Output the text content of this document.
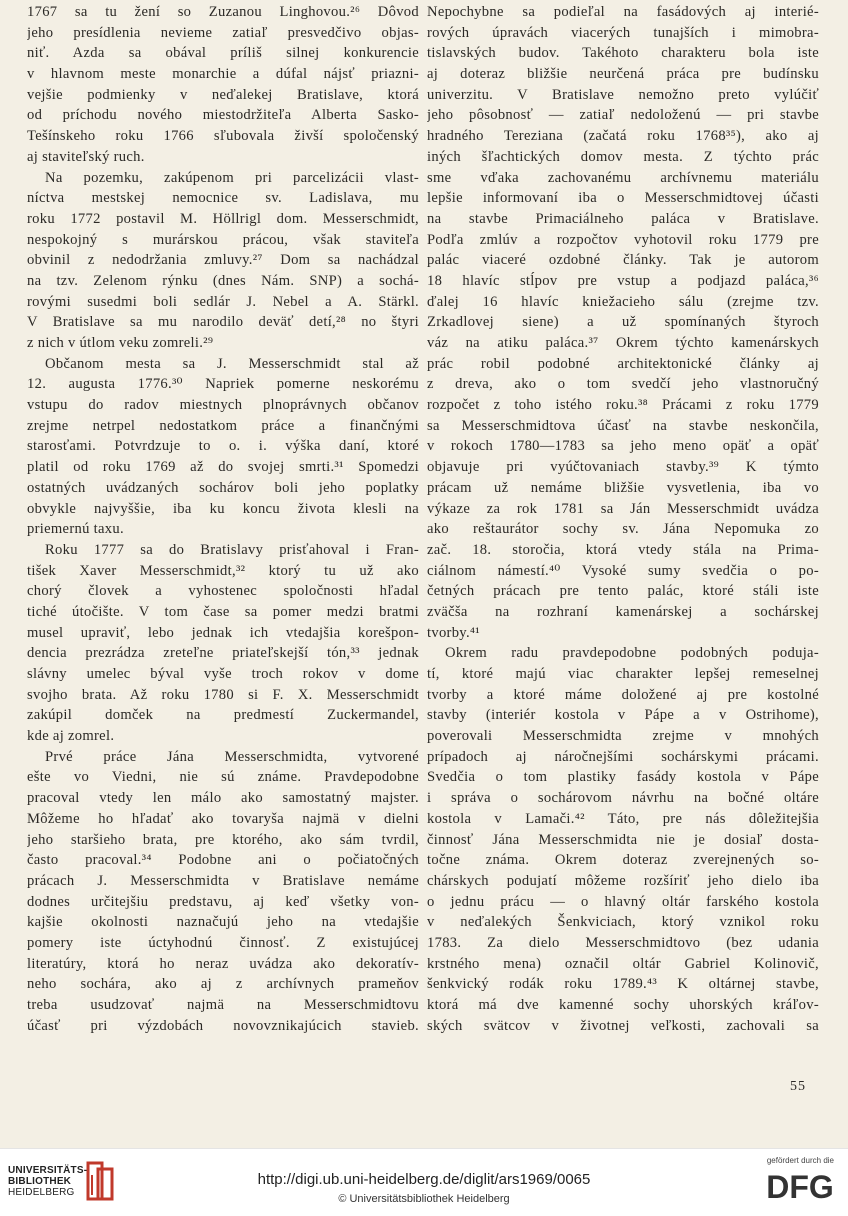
1767 sa tu žení so Zuzanou Linghovou.²⁶ Dôvod
jeho presídlenia nevieme zatiaľ presvedčivo objas-
niť. Azda sa obával príliš silnej konkurencie
v hlavnom meste monarchie a dúfal nájsť priazni-
vejšie podmienky v neďalekej Bratislave, ktorá
od príchodu nového miestodržiteľa Alberta Sasko-
Tešínskeho roku 1766 sľubovala živší spoločenský
aj staviteľský ruch.
Na pozemku, zakúpenom pri parcelizácii vlast-
níctva mestskej nemocnice sv. Ladislava, mu
roku 1772 postavil M. Höllrigl dom. Messerschmidt,
nespokojný s murárskou prácou, však staviteľa
obvinil z nedodržania zmluvy.²⁷ Dom sa nachádzal
na tzv. Zelenom rýnku (dnes Nám. SNP) a sochá-
rovými susedmi boli sedlár J. Nebel a A. Stärkl.
V Bratislave sa mu narodilo deväť detí,²⁸ no štyri
z nich v útlom veku zomreli.²⁹
Občanom mesta sa J. Messerschmidt stal až
12. augusta 1776.³⁰ Napriek pomerne neskorému
vstupu do radov miestnych plnoprávnych občanov
zrejme netrpel nedostatkom práce a finančnými
starosťami. Potvrdzuje to o. i. výška daní, ktoré
platil od roku 1769 až do svojej smrti.³¹ Spomedzi
ostatných uvádzaných sochárov boli jeho poplatky
obvykle najvyššie, iba ku koncu života klesli na
priemernú taxu.
Roku 1777 sa do Bratislavy prisťahoval i Fran-
tišek Xaver Messerschmidt,³² ktorý tu už ako
chorý človek a vyhostenec spoločnosti hľadal
tiché útočište. V tom čase sa pomer medzi bratmi
musel upraviť, lebo jednak ich vtedajšia korešpon-
dencia prezrádza zreteľne priateľskejší tón,³³ jednak
slávny umelec býval vyše troch rokov v dome
svojho brata. Až roku 1780 si F. X. Messerschmidt
zakúpil domček na predmestí Zuckermandel,
kde aj zomrel.
Prvé práce Jána Messerschmidta, vytvorené
ešte vo Viedni, nie sú známe. Pravdepodobne
pracoval vtedy len málo ako samostatný majster.
Môžeme ho hľadať ako tovaryša najmä v dielni
jeho staršieho brata, pre ktorého, ako sám tvrdil,
často pracoval.³⁴ Podobne ani o počiatočných
prácach J. Messerschmidta v Bratislave nemáme
dodnes určitejšiu predstavu, aj keď všetky von-
kajšie okolnosti naznačujú jeho na vtedajšie
pomery iste úctyhodnú činnosť. Z existujúcej
literatúry, ktorá ho neraz uvádza ako dekoratív-
neho sochára, ako aj z archívnych prameňov
treba usudzovať najmä na Messerschmidtovu
účasť pri výzdobách novovznikajúcich stavieb.
Nepochybne sa podieľal na fasádových aj interié-
rových úpravách viacerých tunajších i mimobra-
tislavských budov. Takéhoto charakteru bola iste
aj doteraz bližšie neurčená práca pre budínsku
univerzitu. V Bratislave nemožno preto vylúčiť
jeho pôsobnosť — zatiaľ nedoloženú — pri stavbe
hradného Tereziana (začatá roku 1768³⁵), ako aj
iných šľachtických domov mesta. Z týchto prác
sme vďaka zachovanému archívnemu materiálu
lepšie informovaní iba o Messerschmidtovej účasti
na stavbe Primaciálneho paláca v Bratislave.
Podľa zmlúv a rozpočtov vyhotovil roku 1779 pre
palác viaceré ozdobné články. Tak je autorom
18 hlavíc stĺpov pre vstup a podjazd paláca,³⁶
ďalej 16 hlavíc kniežacieho sálu (zrejme tzv.
Zrkadlovej siene) a už spomínaných štyroch
váz na atiku paláca.³⁷ Okrem týchto kamenárskych
prác robil podobné architektonické články aj
z dreva, ako o tom svedčí jeho vlastnoručný
rozpočet z toho istého roku.³⁸ Prácami z roku 1779
sa Messerschmidtova účasť na stavbe neskončila,
v rokoch 1780—1783 sa jeho meno opäť a opäť
objavuje pri vyúčtovaniach stavby.³⁹ K týmto
prácam už nemáme bližšie vysvetlenia, iba vo
výkaze za rok 1781 sa Ján Messerschmidt uvádza
ako reštaurátor sochy sv. Jána Nepomuka zo
zač. 18. storočia, ktorá vtedy stála na Prima-
ciálnom námestí.⁴⁰ Vysoké sumy svedčia o po-
četných prácach pre tento palác, ktoré stáli iste
zväčša na rozhraní kamenárskej a sochárskej
tvorby.⁴¹
Okrem radu pravdepodobne podobných poduja-
tí, ktoré majú viac charakter lepšej remeselnej
tvorby a ktoré máme doložené aj pre kostolné
stavby (interiér kostola v Pápe a v Ostrihome),
poverovali Messerschmidta zrejme v mnohých
prípadoch aj náročnejšími sochárskymi prácami.
Svedčia o tom plastiky fasády kostola v Pápe
i správa o sochárovom návrhu na bočné oltáre
kostola v Lamači.⁴² Táto, pre nás dôležitejšia
činnosť Jána Messerschmidta nie je dosiaľ dosta-
točne známa. Okrem doteraz zverejnených so-
chárskych podujatí môžeme rozšíriť jeho dielo iba
o jednu prácu — o hlavný oltár farského kostola
v neďalekých Šenkviciach, ktorý vznikol roku
1783. Za dielo Messerschmidtovo (bez udania
krstného mena) označil oltár Gabriel Kolinovič,
šenkvický rodák roku 1789.⁴³ K oltárnej stavbe,
ktorá má dve kamenné sochy uhorských kráľov-
ských svätcov v životnej veľkosti, zachovali sa
55
UNIVERSITÄTS-
BIBLIOTHEK
HEIDELBERG
http://digi.ub.uni-heidelberg.de/diglit/ars1969/0065
© Universitätsbibliothek Heidelberg
gefördert durch die
DFG
